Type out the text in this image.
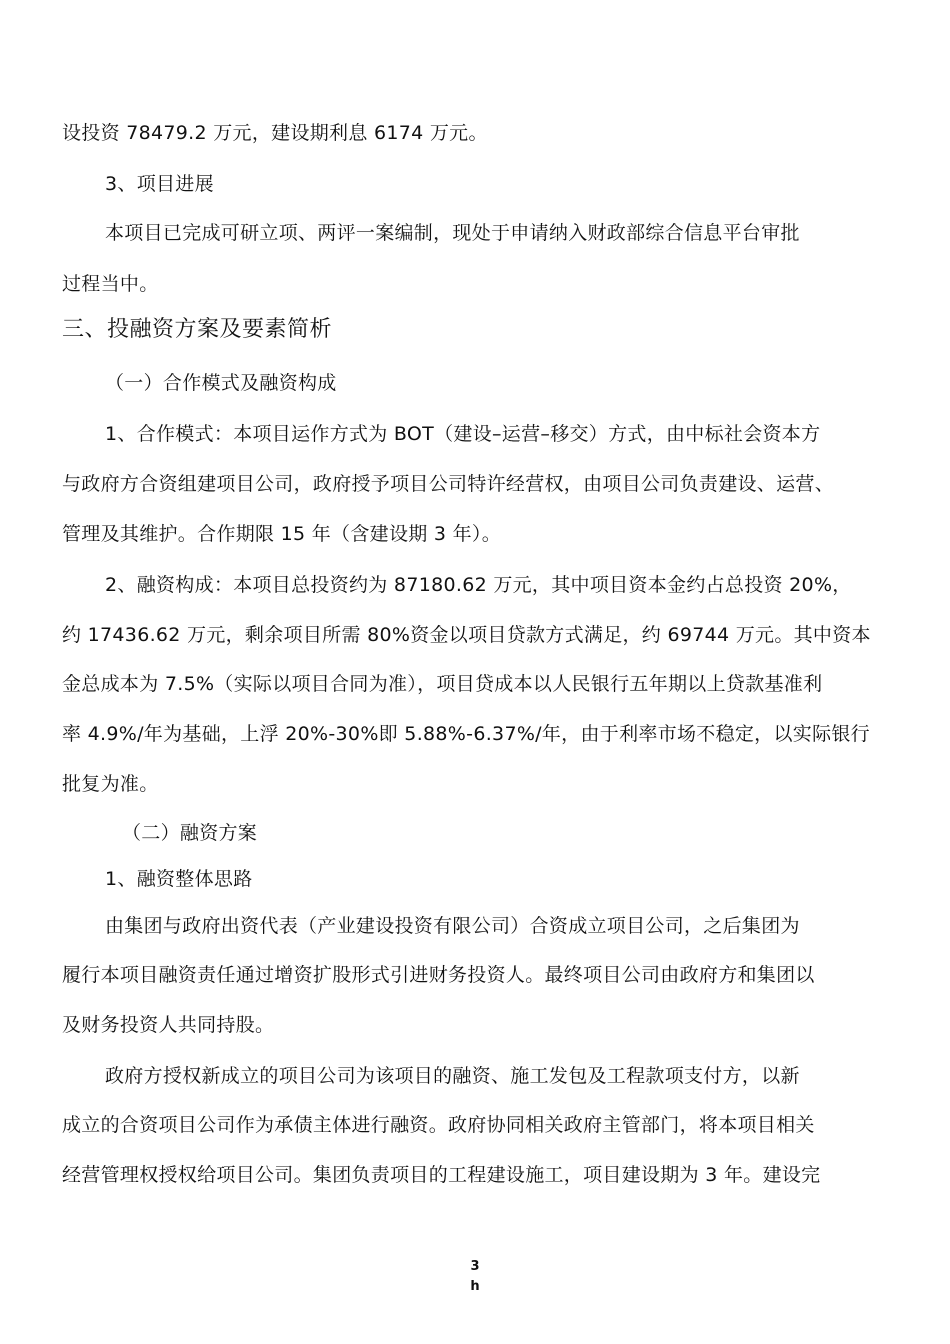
设投资 78479.2 万元，建设期利息 6174 万元。
3、项目进展
本项目已完成可研立项、两评一案编制，现处于申请纳入财政部综合信息平台审批
过程当中。
三、投融资方案及要素简析
（一）合作模式及融资构成
1、合作模式：本项目运作方式为 BOT（建设–运营–移交）方式，由中标社会资本方
与政府方合资组建项目公司，政府授予项目公司特许经营权，由项目公司负责建设、运营、
管理及其维护。合作期限 15 年（含建设期 3 年）。
2、融资构成：本项目总投资约为 87180.62 万元，其中项目资本金约占总投资 20%，
约 17436.62 万元，剩余项目所需 80%资金以项目贷款方式满足，约 69744 万元。其中资本
金总成本为 7.5%（实际以项目合同为准），项目贷成本以人民银行五年期以上贷款基准利
率 4.9%/年为基础，上浮 20%-30%即 5.88%-6.37%/年，由于利率市场不稳定，以实际银行
批复为准。
（二）融资方案
1、融资整体思路
由集团与政府出资代表（产业建设投资有限公司）合资成立项目公司，之后集团为
履行本项目融资责任通过增资扩股形式引进财务投资人。最终项目公司由政府方和集团以
及财务投资人共同持股。
政府方授权新成立的项目公司为该项目的融资、施工发包及工程款项支付方，以新
成立的合资项目公司作为承债主体进行融资。政府协同相关政府主管部门，将本项目相关
经营管理权授权给项目公司。集团负责项目的工程建设施工，项目建设期为 3 年。建设完
3
h
